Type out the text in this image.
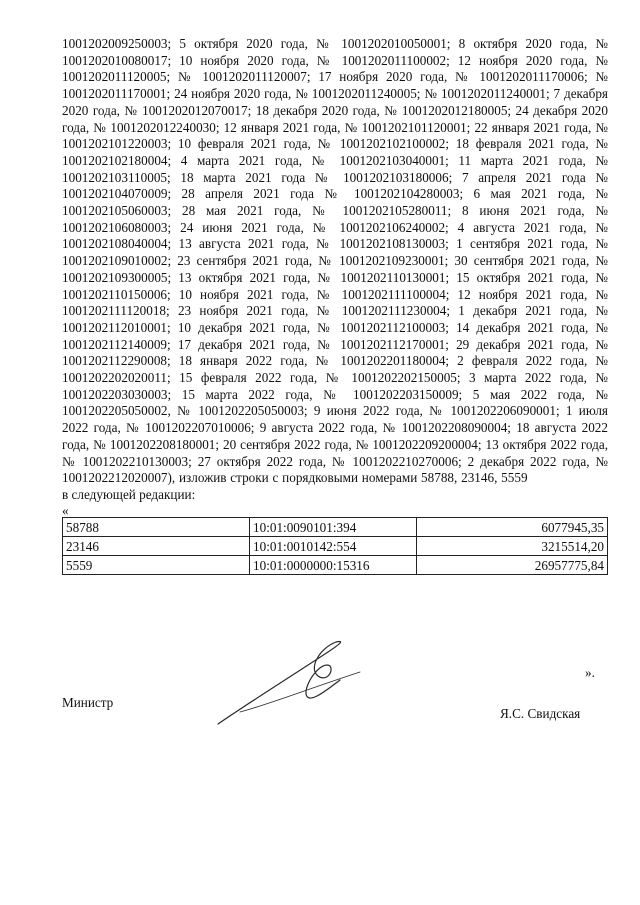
1001202009250003; 5 октября 2020 года, № 1001202010050001; 8 октября 2020 года, № 1001202010080017; 10 ноября 2020 года, № 1001202011100002; 12 ноября 2020 года, № 1001202011120005; № 1001202011120007; 17 ноября 2020 года, № 1001202011170006; № 1001202011170001; 24 ноября 2020 года, № 1001202011240005; № 1001202011240001; 7 декабря 2020 года, № 1001202012070017; 18 декабря 2020 года, № 1001202012180005; 24 декабря 2020 года, № 1001202012240030; 12 января 2021 года, № 1001202101120001; 22 января 2021 года, № 1001202101220003; 10 февраля 2021 года, № 1001202102100002; 18 февраля 2021 года, № 1001202102180004; 4 марта 2021 года, № 1001202103040001; 11 марта 2021 года, № 1001202103110005; 18 марта 2021 года № 1001202103180006; 7 апреля 2021 года № 1001202104070009; 28 апреля 2021 года № 1001202104280003; 6 мая 2021 года, № 1001202105060003; 28 мая 2021 года, № 1001202105280011; 8 июня 2021 года, № 1001202106080003; 24 июня 2021 года, № 1001202106240002; 4 августа 2021 года, № 1001202108040004; 13 августа 2021 года, № 1001202108130003; 1 сентября 2021 года, № 1001202109010002; 23 сентября 2021 года, № 1001202109230001; 30 сентября 2021 года, № 1001202109300005; 13 октября 2021 года, № 1001202110130001; 15 октября 2021 года, № 1001202110150006; 10 ноября 2021 года, № 1001202111100004; 12 ноября 2021 года, № 1001202111120018; 23 ноября 2021 года, № 1001202111230004; 1 декабря 2021 года, № 1001202112010001; 10 декабря 2021 года, № 1001202112100003; 14 декабря 2021 года, № 1001202112140009; 17 декабря 2021 года, № 1001202112170001; 29 декабря 2021 года, № 1001202112290008; 18 января 2022 года, № 1001202201180004; 2 февраля 2022 года, № 1001202202020011; 15 февраля 2022 года, № 1001202202150005; 3 марта 2022 года, № 1001202203030003; 15 марта 2022 года, № 1001202203150009; 5 мая 2022 года, № 1001202205050002, № 1001202205050003; 9 июня 2022 года, № 1001202206090001; 1 июля 2022 года, № 1001202207010006; 9 августа 2022 года, № 1001202208090004; 18 августа 2022 года, № 1001202208180001; 20 сентября 2022 года, № 1001202209200004; 13 октября 2022 года, № 1001202210130003; 27 октября 2022 года, № 1001202210270006; 2 декабря 2022 года, № 1001202212020007), изложив строки с порядковыми номерами 58788, 23146, 5559

в следующей редакции:

«

58788	10:01:0090101:394	6077945,35
23146	10:01:0010142:554	3215514,20
5559	10:01:0000000:15316	26957775,84
».
Министр
Я.С. Свидская
